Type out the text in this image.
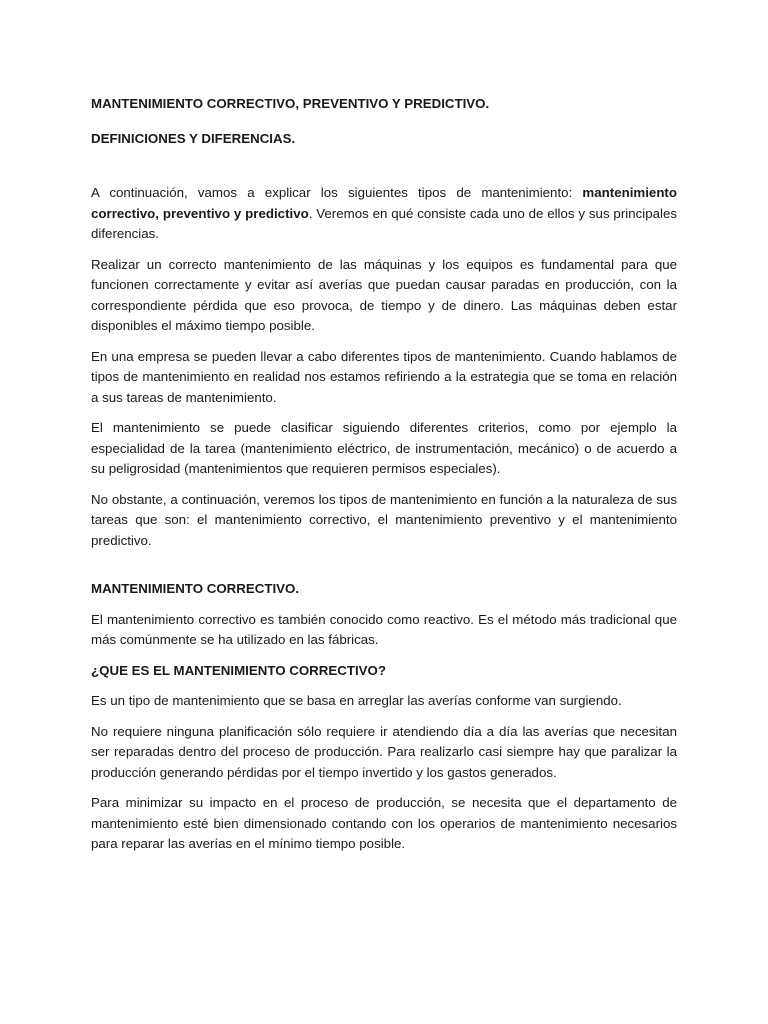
MANTENIMIENTO CORRECTIVO, PREVENTIVO Y PREDICTIVO.
DEFINICIONES Y DIFERENCIAS.

A continuación, vamos a explicar los siguientes tipos de mantenimiento: mantenimiento correctivo, preventivo y predictivo. Veremos en qué consiste cada uno de ellos y sus principales diferencias.

Realizar un correcto mantenimiento de las máquinas y los equipos es fundamental para que funcionen correctamente y evitar así averías que puedan causar paradas en producción, con la correspondiente pérdida que eso provoca, de tiempo y de dinero. Las máquinas deben estar disponibles el máximo tiempo posible.

En una empresa se pueden llevar a cabo diferentes tipos de mantenimiento. Cuando hablamos de tipos de mantenimiento en realidad nos estamos refiriendo a la estrategia que se toma en relación a sus tareas de mantenimiento.

El mantenimiento se puede clasificar siguiendo diferentes criterios, como por ejemplo la especialidad de la tarea (mantenimiento eléctrico, de instrumentación, mecánico) o de acuerdo a su peligrosidad (mantenimientos que requieren permisos especiales).

No obstante, a continuación, veremos los tipos de mantenimiento en función a la naturaleza de sus tareas que son: el mantenimiento correctivo, el mantenimiento preventivo y el mantenimiento predictivo.

MANTENIMIENTO CORRECTIVO.

El mantenimiento correctivo es también conocido como reactivo. Es el método más tradicional que más comúnmente se ha utilizado en las fábricas.

¿QUE ES EL MANTENIMIENTO CORRECTIVO?

Es un tipo de mantenimiento que se basa en arreglar las averías conforme van surgiendo.

No requiere ninguna planificación sólo requiere ir atendiendo día a día las averías que necesitan ser reparadas dentro del proceso de producción. Para realizarlo casi siempre hay que paralizar la producción generando pérdidas por el tiempo invertido y los gastos generados.

Para minimizar su impacto en el proceso de producción, se necesita que el departamento de mantenimiento esté bien dimensionado contando con los operarios de mantenimiento necesarios para reparar las averías en el mínimo tiempo posible.
